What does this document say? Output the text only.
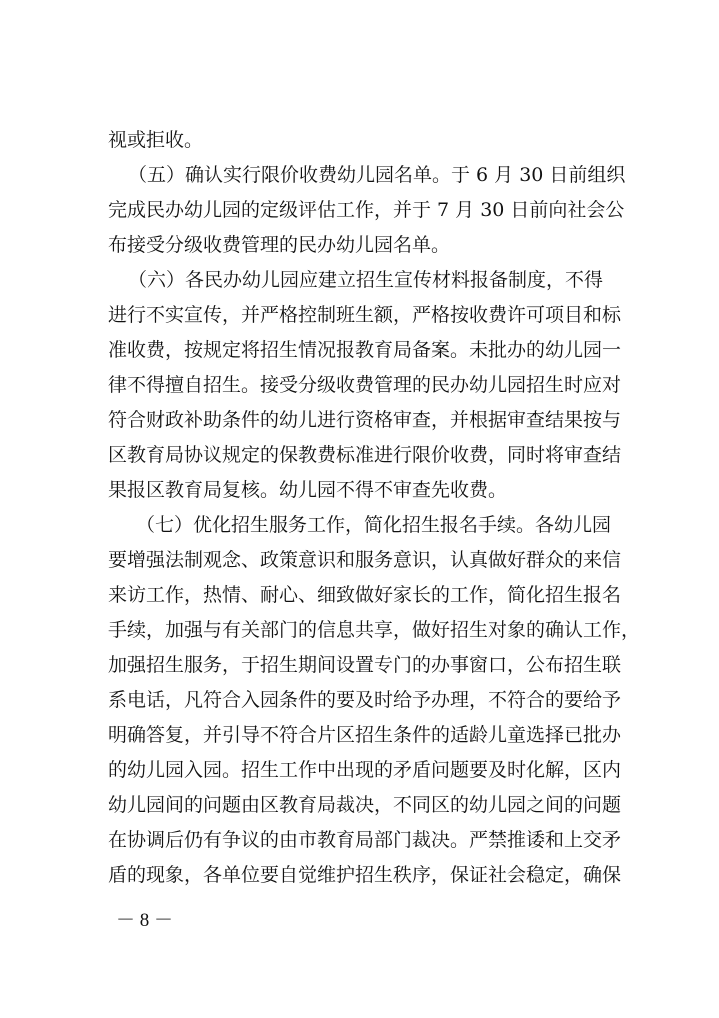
视或拒收。
（五）确认实行限价收费幼儿园名单。于 6 月 30 日前组织
完成民办幼儿园的定级评估工作，并于 7 月 30 日前向社会公
布接受分级收费管理的民办幼儿园名单。
（六）各民办幼儿园应建立招生宣传材料报备制度，不得
进行不实宣传，并严格控制班生额，严格按收费许可项目和标
准收费，按规定将招生情况报教育局备案。未批办的幼儿园一
律不得擅自招生。接受分级收费管理的民办幼儿园招生时应对
符合财政补助条件的幼儿进行资格审查，并根据审查结果按与
区教育局协议规定的保教费标准进行限价收费，同时将审查结
果报区教育局复核。幼儿园不得不审查先收费。
（七）优化招生服务工作，简化招生报名手续。各幼儿园
要增强法制观念、政策意识和服务意识，认真做好群众的来信
来访工作，热情、耐心、细致做好家长的工作，简化招生报名
手续，加强与有关部门的信息共享，做好招生对象的确认工作，
加强招生服务，于招生期间设置专门的办事窗口，公布招生联
系电话，凡符合入园条件的要及时给予办理，不符合的要给予
明确答复，并引导不符合片区招生条件的适龄儿童选择已批办
的幼儿园入园。招生工作中出现的矛盾问题要及时化解，区内
幼儿园间的问题由区教育局裁决，不同区的幼儿园之间的问题
在协调后仍有争议的由市教育局部门裁决。严禁推诿和上交矛
盾的现象，各单位要自觉维护招生秩序，保证社会稳定，确保
－ 8 －
